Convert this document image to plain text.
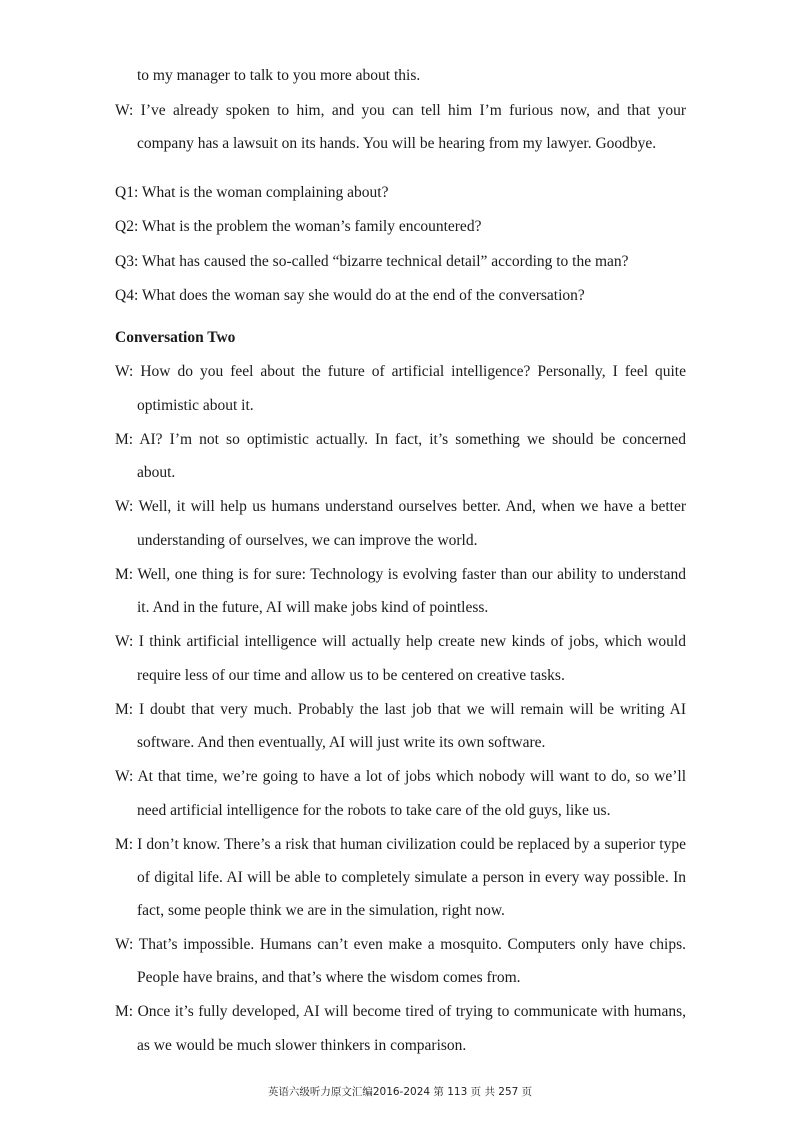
to my manager to talk to you more about this.
W: I’ve already spoken to him, and you can tell him I’m furious now, and that your
company has a lawsuit on its hands. You will be hearing from my lawyer. Goodbye.
Q1: What is the woman complaining about?
Q2: What is the problem the woman’s family encountered?
Q3: What has caused the so-called “bizarre technical detail” according to the man?
Q4: What does the woman say she would do at the end of the conversation?
Conversation Two
W: How do you feel about the future of artificial intelligence? Personally, I feel quite
optimistic about it.
M: AI? I’m not so optimistic actually. In fact, it’s something we should be concerned
about.
W: Well, it will help us humans understand ourselves better. And, when we have a better
understanding of ourselves, we can improve the world.
M: Well, one thing is for sure: Technology is evolving faster than our ability to understand
it. And in the future, AI will make jobs kind of pointless.
W: I think artificial intelligence will actually help create new kinds of jobs, which would
require less of our time and allow us to be centered on creative tasks.
M: I doubt that very much. Probably the last job that we will remain will be writing AI
software. And then eventually, AI will just write its own software.
W: At that time, we’re going to have a lot of jobs which nobody will want to do, so we’ll
need artificial intelligence for the robots to take care of the old guys, like us.
M: I don’t know. There’s a risk that human civilization could be replaced by a superior type
of digital life. AI will be able to completely simulate a person in every way possible. In
fact, some people think we are in the simulation, right now.
W: That’s impossible. Humans can’t even make a mosquito. Computers only have chips.
People have brains, and that’s where the wisdom comes from.
M: Once it’s fully developed, AI will become tired of trying to communicate with humans,
as we would be much slower thinkers in comparison.
英语六级听力原文汇编2016-2024 第 113 页 共 257 页
